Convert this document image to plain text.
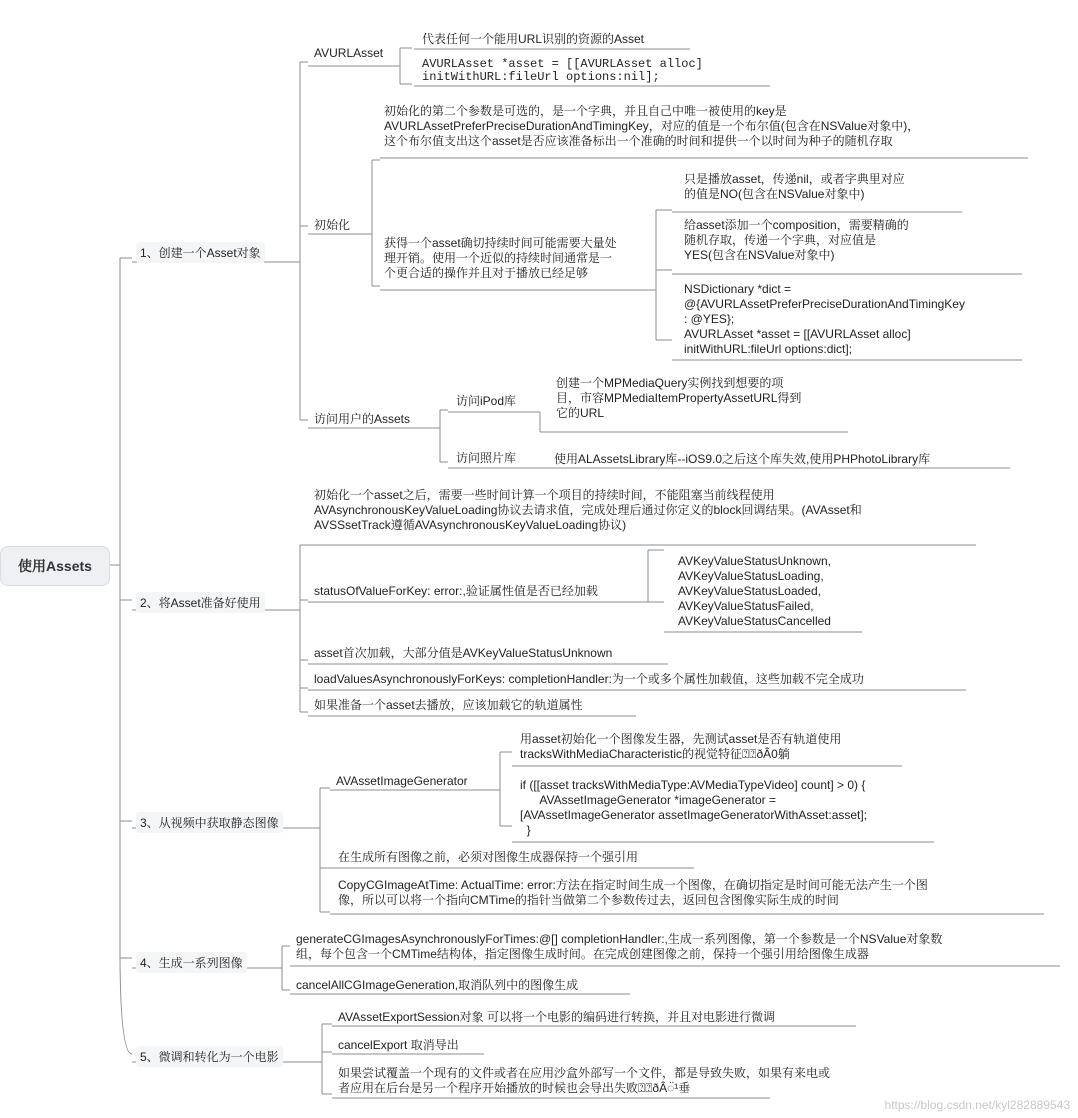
使用Assets
1、创建一个Asset对象
AVURLAsset
代表任何一个能用URL识别的资源的Asset
AVURLAsset *asset = [[AVURLAsset alloc]
initWithURL:fileUrl options:nil];
初始化
初始化的第二个参数是可选的，是一个字典，并且自己中唯一被使用的key是
AVURLAssetPreferPreciseDurationAndTimingKey，对应的值是一个布尔值(包含在NSValue对象中)，
这个布尔值支出这个asset是否应该准备标出一个准确的时间和提供一个以时间为种子的随机存取
获得一个asset确切持续时间可能需要大量处
理开销。使用一个近似的持续时间通常是一
个更合适的操作并且对于播放已经足够
只是播放asset，传递nil，或者字典里对应
的值是NO(包含在NSValue对象中)
给asset添加一个composition，需要精确的
随机存取，传递一个字典，对应值是
YES(包含在NSValue对象中)
NSDictionary *dict =
@{AVURLAssetPreferPreciseDurationAndTimingKey
: @YES};
AVURLAsset *asset = [[AVURLAsset alloc]
initWithURL:fileUrl options:dict];
访问用户的Assets
访问iPod库
创建一个MPMediaQuery实例找到想要的项
目，市容MPMediaItemPropertyAssetURL得到
它的URL
访问照片库	使用ALAssetsLibrary库--iOS9.0之后这个库失效,使用PHPhotoLibrary库
2、将Asset准备好使用
初始化一个asset之后，需要一些时间计算一个项目的持续时间，不能阻塞当前线程使用
AVAsynchronousKeyValueLoading协议去请求值，完成处理后通过你定义的block回调结果。(AVAsset和
AVSSsetTrack遵循AVAsynchronousKeyValueLoading协议)
statusOfValueForKey: error:,验证属性值是否已经加载
AVKeyValueStatusUnknown,
AVKeyValueStatusLoading,
AVKeyValueStatusLoaded,
AVKeyValueStatusFailed,
AVKeyValueStatusCancelled
asset首次加载，大部分值是AVKeyValueStatusUnknown
loadValuesAsynchronouslyForKeys: completionHandler:为一个或多个属性加载值，这些加载不完全成功
如果准备一个asset去播放，应该加载它的轨道属性
3、从视频中获取静态图像
AVAssetImageGenerator
用asset初始化一个图像发生器，先测试asset是否有轨道使用
tracksWithMediaCharacteristic的视觉特征⍰⍰ðÂ0躺
if ([[asset tracksWithMediaType:AVMediaTypeVideo] count] > 0) {
AVAssetImageGenerator *imageGenerator =
[AVAssetImageGenerator assetImageGeneratorWithAsset:asset];
}
在生成所有图像之前，必须对图像生成器保持一个强引用
CopyCGImageAtTime: ActualTime: error:方法在指定时间生成一个图像，在确切指定是时间可能无法产生一个图
像，所以可以将一个指向CMTime的指针当做第二个参数传过去，返回包含图像实际生成的时间
4、生成一系列图像
generateCGImagesAsynchronouslyForTimes:@[] completionHandler:,生成一系列图像，第一个参数是一个NSValue对象数
组，每个包含一个CMTime结构体，指定图像生成时间。在完成创建图像之前，保持一个强引用给图像生成器
cancelAllCGImageGeneration,取消队列中的图像生成
5、微调和转化为一个电影
AVAssetExportSession对象 可以将一个电影的编码进行转换，并且对电影进行微调
cancelExport 取消导出
如果尝试覆盖一个现有的文件或者在应用沙盒外部写一个文件，都是导致失败，如果有来电或
者应用在后台是另一个程序开始播放的时候也会导出失败⍰⍰ðÂ◌̈¹垂
https://blog.csdn.net/kyl282889543
